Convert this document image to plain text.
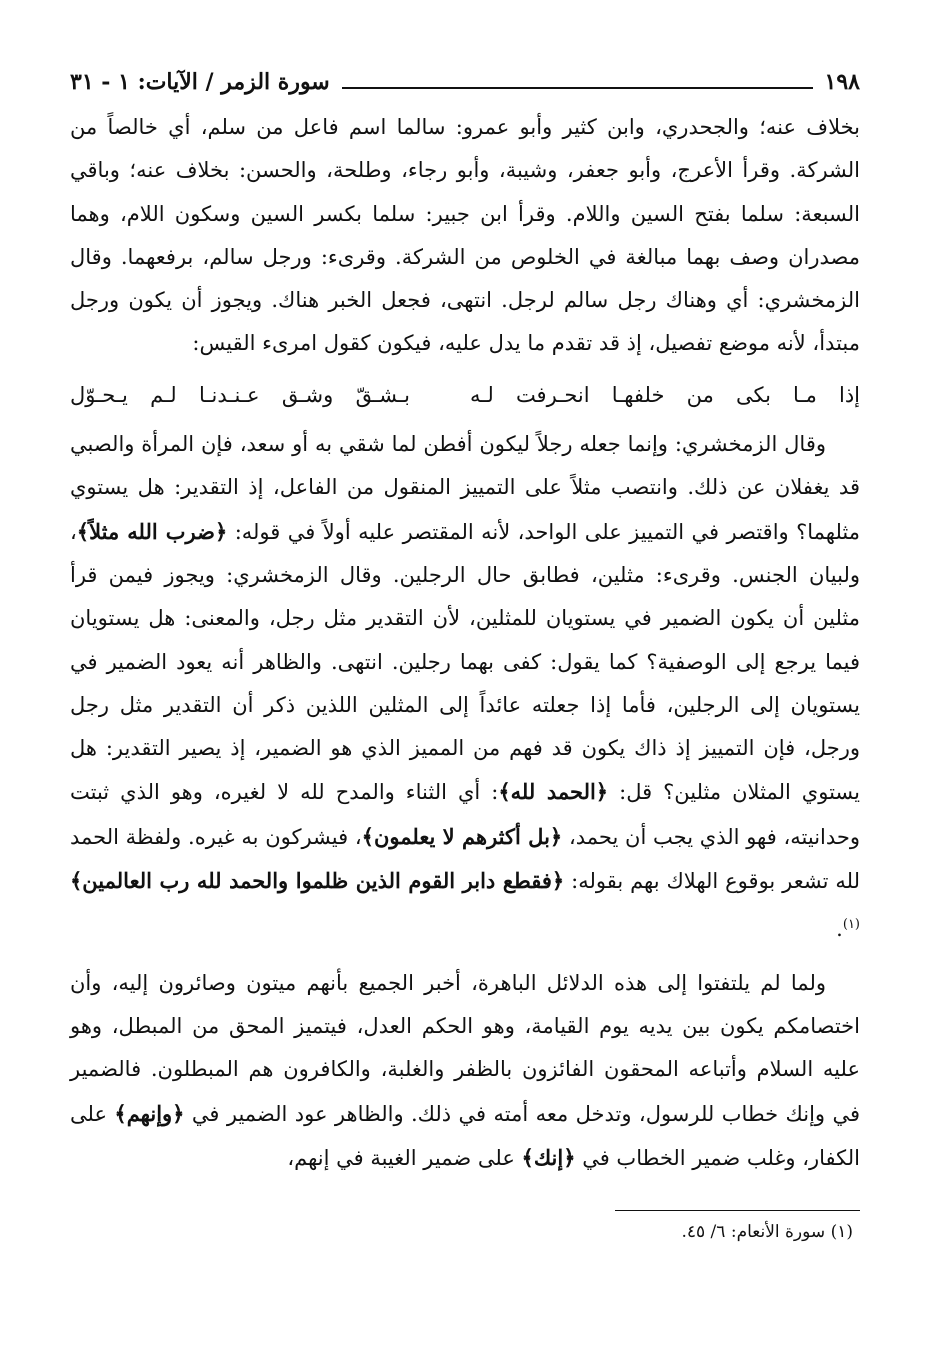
١٩٨
سورة الزمر / الآيات: ١ - ٣١

بخلاف عنه؛ والجحدري، وابن كثير وأبو عمرو: سالما اسم فاعل من سلم، أي خالصاً من الشركة. وقرأ الأعرج، وأبو جعفر، وشيبة، وأبو رجاء، وطلحة، والحسن: بخلاف عنه؛ وباقي السبعة: سلما بفتح السين واللام. وقرأ ابن جبير: سلما بكسر السين وسكون اللام، وهما مصدران وصف بهما مبالغة في الخلوص من الشركة. وقرىء: ورجل سالم، برفعهما. وقال الزمخشري: أي وهناك رجل سالم لرجل. انتهى، فجعل الخبر هناك. ويجوز أن يكون ورجل مبتدأ، لأنه موضع تفصيل، إذ قد تقدم ما يدل عليه، فيكون كقول امرىء القيس:

إذا مـا بكى من خلفهـا انحـرفت لـه
بـشـقّ وشـق عـنـدنـا لـم يـحـوّل

وقال الزمخشري: وإنما جعله رجلاً ليكون أفطن لما شقي به أو سعد، فإن المرأة والصبي قد يغفلان عن ذلك. وانتصب مثلاً على التمييز المنقول من الفاعل، إذ التقدير: هل يستوي مثلهما؟ واقتصر في التمييز على الواحد، لأنه المقتصر عليه أولاً في قوله: ﴿ضرب الله مثلاً﴾، ولبيان الجنس. وقرىء: مثلين، فطابق حال الرجلين. وقال الزمخشري: ويجوز فيمن قرأ مثلين أن يكون الضمير في يستويان للمثلين، لأن التقدير مثل رجل، والمعنى: هل يستويان فيما يرجع إلى الوصفية؟ كما يقول: كفى بهما رجلين. انتهى. والظاهر أنه يعود الضمير في يستويان إلى الرجلين، فأما إذا جعلته عائداً إلى المثلين اللذين ذكر أن التقدير مثل رجل ورجل، فإن التمييز إذ ذاك يكون قد فهم من المميز الذي هو الضمير، إذ يصير التقدير: هل يستوي المثلان مثلين؟ قل: ﴿الحمد لله﴾: أي الثناء والمدح لله لا لغيره، وهو الذي ثبتت وحدانيته، فهو الذي يجب أن يحمد، ﴿بل أكثرهم لا يعلمون﴾، فيشركون به غيره. ولفظة الحمد لله تشعر بوقوع الهلاك بهم بقوله: ﴿فقطع دابر القوم الذين ظلموا والحمد لله رب العالمين﴾$^{(١)}$.

ولما لم يلتفتوا إلى هذه الدلائل الباهرة، أخبر الجميع بأنهم ميتون وصائرون إليه، وأن اختصامكم يكون بين يديه يوم القيامة، وهو الحكم العدل، فيتميز المحق من المبطل، وهو عليه السلام وأتباعه المحقون الفائزون بالظفر والغلبة، والكافرون هم المبطلون. فالضمير في وإنك خطاب للرسول، وتدخل معه أمته في ذلك. والظاهر عود الضمير في ﴿وإنهم﴾ على الكفار، وغلب ضمير الخطاب في ﴿إنك﴾ على ضمير الغيبة في إنهم،

(١) سورة الأنعام: ٦/ ٤٥.
